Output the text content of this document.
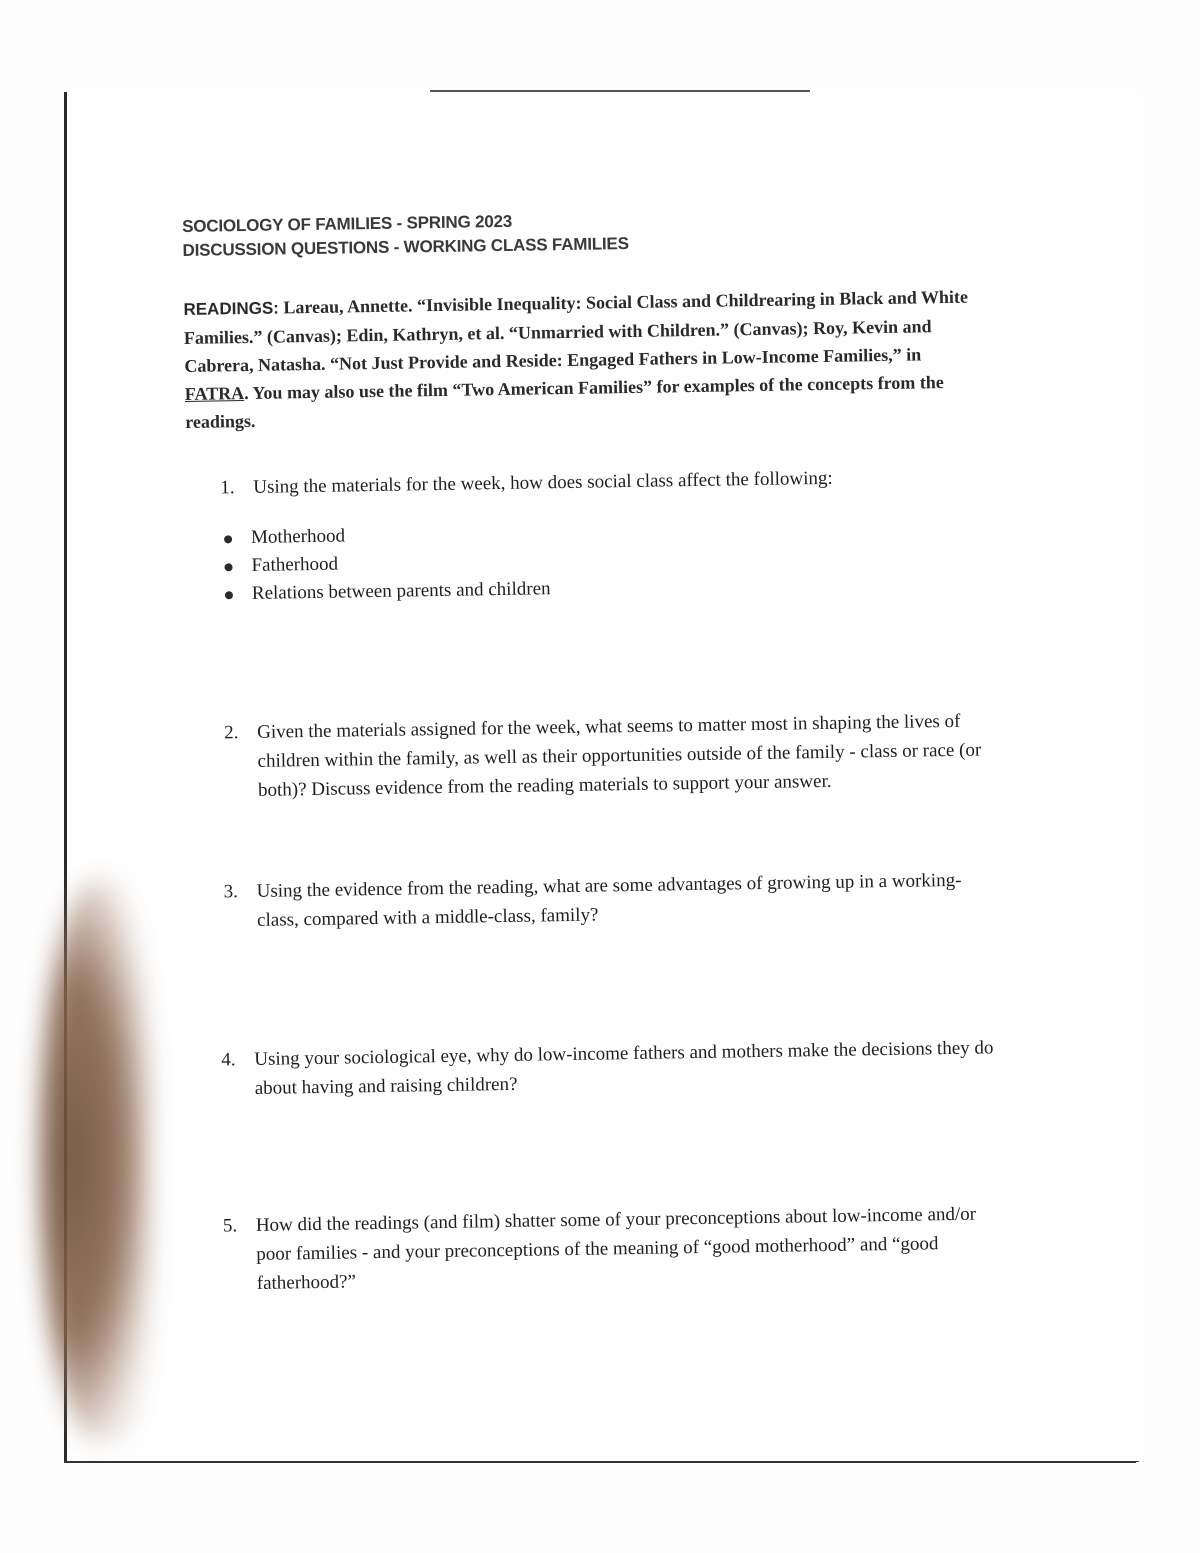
SOCIOLOGY OF FAMILIES - SPRING 2023

DISCUSSION QUESTIONS - WORKING CLASS FAMILIES

READINGS: Lareau, Annette. “Invisible Inequality: Social Class and Childrearing in Black and White Families.” (Canvas); Edin, Kathryn, et al. “Unmarried with Children.” (Canvas); Roy, Kevin and Cabrera, Natasha. “Not Just Provide and Reside: Engaged Fathers in Low-Income Families,” in FATRA. You may also use the film “Two American Families” for examples of the concepts from the readings.
1. Using the materials for the week, how does social class affect the following:
Motherhood
Fatherhood
Relations between parents and children
2. Given the materials assigned for the week, what seems to matter most in shaping the lives of children within the family, as well as their opportunities outside of the family - class or race (or both)? Discuss evidence from the reading materials to support your answer.
3. Using the evidence from the reading, what are some advantages of growing up in a working-class, compared with a middle-class, family?
4. Using your sociological eye, why do low-income fathers and mothers make the decisions they do about having and raising children?
5. How did the readings (and film) shatter some of your preconceptions about low-income and/or poor families - and your preconceptions of the meaning of “good motherhood” and “good fatherhood?”
